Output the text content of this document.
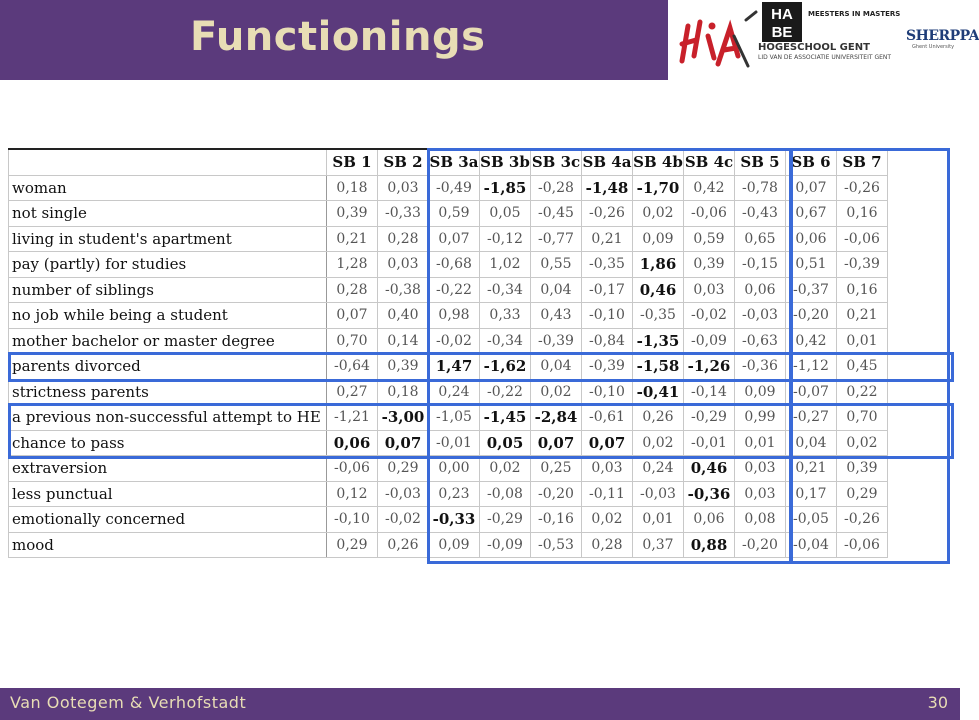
Functionings	HA
BE
MEESTERS IN MASTERS
HOGESCHOOL GENT
LID VAN DE ASSOCIATIE UNIVERSITEIT GENT
SHERPPA
Ghent University
	SB 1	SB 2	SB 3a	SB 3b	SB 3c	SB 4a	SB 4b	SB 4c	SB 5	SB 6	SB 7
woman	0,18	0,03	-0,49	-1,85	-0,28	-1,48	-1,70	0,42	-0,78	0,07	-0,26
not single	0,39	-0,33	0,59	0,05	-0,45	-0,26	0,02	-0,06	-0,43	0,67	0,16
living in student's apartment	0,21	0,28	0,07	-0,12	-0,77	0,21	0,09	0,59	0,65	0,06	-0,06
pay (partly) for studies	1,28	0,03	-0,68	1,02	0,55	-0,35	1,86	0,39	-0,15	0,51	-0,39
number of siblings	0,28	-0,38	-0,22	-0,34	0,04	-0,17	0,46	0,03	0,06	-0,37	0,16
no job while being a student	0,07	0,40	0,98	0,33	0,43	-0,10	-0,35	-0,02	-0,03	-0,20	0,21
mother bachelor or master degree	0,70	0,14	-0,02	-0,34	-0,39	-0,84	-1,35	-0,09	-0,63	0,42	0,01
parents divorced	-0,64	0,39	1,47	-1,62	0,04	-0,39	-1,58	-1,26	-0,36	-1,12	0,45
strictness parents	0,27	0,18	0,24	-0,22	0,02	-0,10	-0,41	-0,14	0,09	-0,07	0,22
a previous non-successful attempt to HE	-1,21	-3,00	-1,05	-1,45	-2,84	-0,61	0,26	-0,29	0,99	-0,27	0,70
chance to pass	0,06	0,07	-0,01	0,05	0,07	0,07	0,02	-0,01	0,01	0,04	0,02
extraversion	-0,06	0,29	0,00	0,02	0,25	0,03	0,24	0,46	0,03	0,21	0,39
less punctual	0,12	-0,03	0,23	-0,08	-0,20	-0,11	-0,03	-0,36	0,03	0,17	0,29
emotionally concerned	-0,10	-0,02	-0,33	-0,29	-0,16	0,02	0,01	0,06	0,08	-0,05	-0,26
mood	0,29	0,26	0,09	-0,09	-0,53	0,28	0,37	0,88	-0,20	-0,04	-0,06
Van Ootegem & Verhofstadt	30
